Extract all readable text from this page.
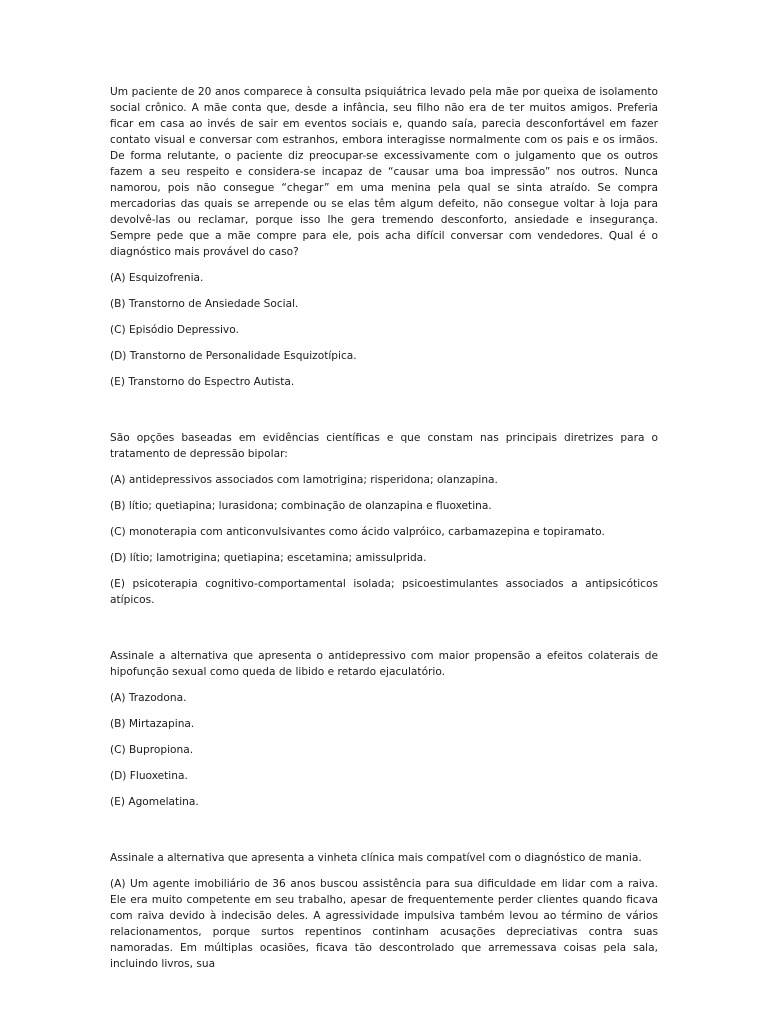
Um paciente de 20 anos comparece à consulta psiquiátrica levado pela mãe por queixa de isolamento social crônico. A mãe conta que, desde a infância, seu filho não era de ter muitos amigos. Preferia ficar em casa ao invés de sair em eventos sociais e, quando saía, parecia desconfortável em fazer contato visual e conversar com estranhos, embora interagisse normalmente com os pais e os irmãos. De forma relutante, o paciente diz preocupar-se excessivamente com o julgamento que os outros fazem a seu respeito e considera-se incapaz de “causar uma boa impressão” nos outros. Nunca namorou, pois não consegue “chegar” em uma menina pela qual se sinta atraído. Se compra mercadorias das quais se arrepende ou se elas têm algum defeito, não consegue voltar à loja para devolvê-las ou reclamar, porque isso lhe gera tremendo desconforto, ansiedade e insegurança. Sempre pede que a mãe compre para ele, pois acha difícil conversar com vendedores. Qual é o diagnóstico mais provável do caso?

(A) Esquizofrenia.

(B) Transtorno de Ansiedade Social.

(C) Episódio Depressivo.

(D) Transtorno de Personalidade Esquizotípica.

(E) Transtorno do Espectro Autista.

São opções baseadas em evidências científicas e que constam nas principais diretrizes para o tratamento de depressão bipolar:

(A) antidepressivos associados com lamotrigina; risperidona; olanzapina.

(B) lítio; quetiapina; lurasidona; combinação de olanzapina e fluoxetina.

(C) monoterapia com anticonvulsivantes como ácido valpróico, carbamazepina e topiramato.

(D) lítio; lamotrigina; quetiapina; escetamina; amissulprida.

(E) psicoterapia cognitivo-comportamental isolada; psicoestimulantes associados a antipsicóticos atípicos.

Assinale a alternativa que apresenta o antidepressivo com maior propensão a efeitos colaterais de hipofunção sexual como queda de libido e retardo ejaculatório.

(A) Trazodona.

(B) Mirtazapina.

(C) Bupropiona.

(D) Fluoxetina.

(E) Agomelatina.

Assinale a alternativa que apresenta a vinheta clínica mais compatível com o diagnóstico de mania.

(A) Um agente imobiliário de 36 anos buscou assistência para sua dificuldade em lidar com a raiva. Ele era muito competente em seu trabalho, apesar de frequentemente perder clientes quando ficava com raiva devido à indecisão deles. A agressividade impulsiva também levou ao término de vários relacionamentos, porque surtos repentinos continham acusações depreciativas contra suas namoradas. Em múltiplas ocasiões, ficava tão descontrolado que arremessava coisas pela sala, incluindo livros, sua
